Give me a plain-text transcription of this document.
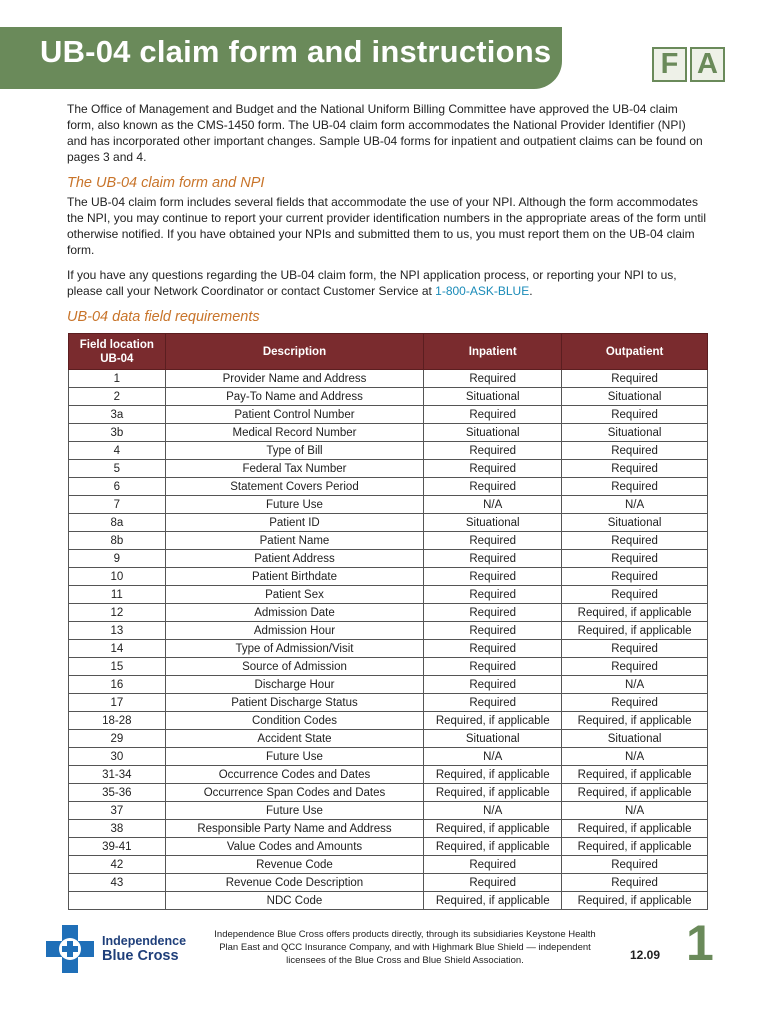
UB-04 claim form and instructions	F A

The Office of Management and Budget and the National Uniform Billing Committee have approved the UB-04 claim form, also known as the CMS-1450 form. The UB-04 claim form accommodates the National Provider Identifier (NPI) and has incorporated other important changes. Sample UB-04 forms for inpatient and outpatient claims can be found on pages 3 and 4.

The UB-04 claim form and NPI

The UB-04 claim form includes several fields that accommodate the use of your NPI. Although the form accommodates the NPI, you may continue to report your current provider identification numbers in the appropriate areas of the form until otherwise notified. If you have obtained your NPIs and submitted them to us, you must report them on the UB-04 claim form.

If you have any questions regarding the UB-04 claim form, the NPI application process, or reporting your NPI to us, please call your Network Coordinator or contact Customer Service at 1-800-ASK-BLUE.

UB-04 data field requirements
Field location UB-04	Description	Inpatient	Outpatient
1	Provider Name and Address	Required	Required
2	Pay-To Name and Address	Situational	Situational
3a	Patient Control Number	Required	Required
3b	Medical Record Number	Situational	Situational
4	Type of Bill	Required	Required
5	Federal Tax Number	Required	Required
6	Statement Covers Period	Required	Required
7	Future Use	N/A	N/A
8a	Patient ID	Situational	Situational
8b	Patient Name	Required	Required
9	Patient Address	Required	Required
10	Patient Birthdate	Required	Required
11	Patient Sex	Required	Required
12	Admission Date	Required	Required, if applicable
13	Admission Hour	Required	Required, if applicable
14	Type of Admission/Visit	Required	Required
15	Source of Admission	Required	Required
16	Discharge Hour	Required	N/A
17	Patient Discharge Status	Required	Required
18-28	Condition Codes	Required, if applicable	Required, if applicable
29	Accident State	Situational	Situational
30	Future Use	N/A	N/A
31-34	Occurrence Codes and Dates	Required, if applicable	Required, if applicable
35-36	Occurrence Span Codes and Dates	Required, if applicable	Required, if applicable
37	Future Use	N/A	N/A
38	Responsible Party Name and Address	Required, if applicable	Required, if applicable
39-41	Value Codes and Amounts	Required, if applicable	Required, if applicable
42	Revenue Code	Required	Required
43	Revenue Code Description	Required	Required
	NDC Code	Required, if applicable	Required, if applicable
Independence
Blue Cross
Independence Blue Cross offers products directly, through its subsidiaries Keystone Health Plan East and QCC Insurance Company, and with Highmark Blue Shield — independent licensees of the Blue Cross and Blue Shield Association.	12.09 1
